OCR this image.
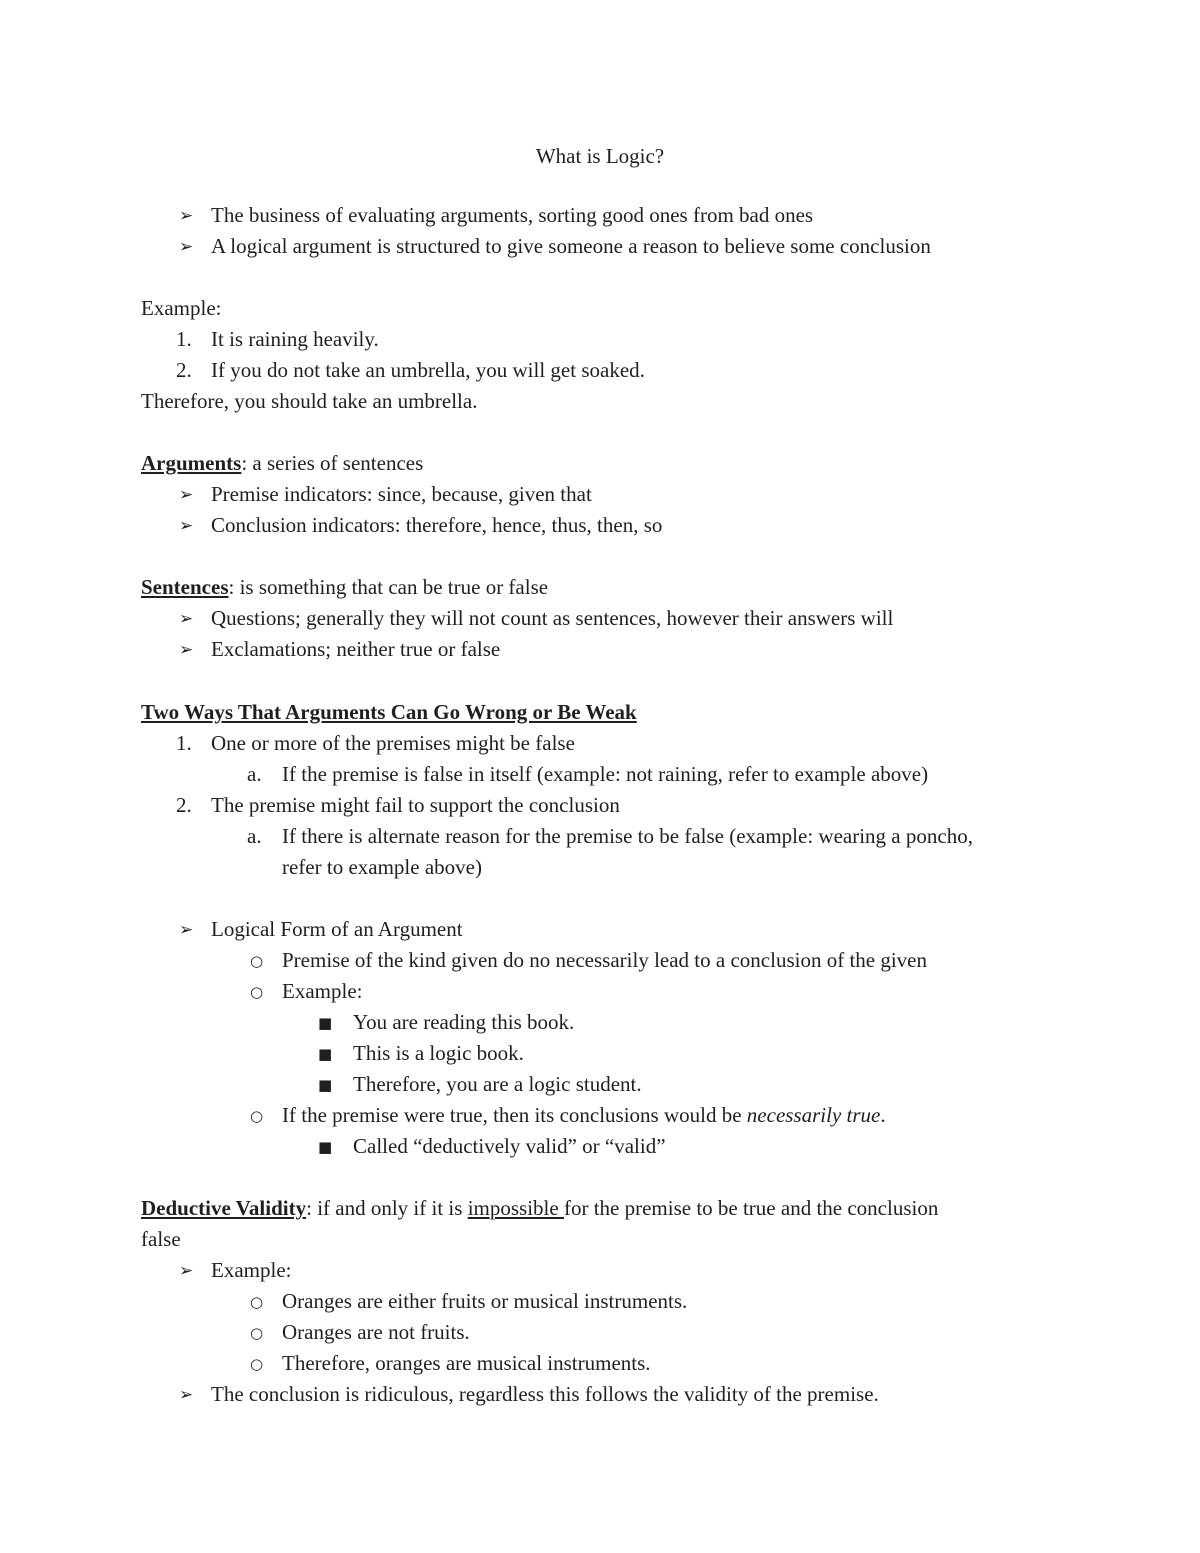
What is Logic?
➢ The business of evaluating arguments, sorting good ones from bad ones
➢ A logical argument is structured to give someone a reason to believe some conclusion
Example:
1. It is raining heavily.
2. If you do not take an umbrella, you will get soaked.
Therefore, you should take an umbrella.
Arguments: a series of sentences
➢ Premise indicators: since, because, given that
➢ Conclusion indicators: therefore, hence, thus, then, so
Sentences: is something that can be true or false
➢ Questions; generally they will not count as sentences, however their answers will
➢ Exclamations; neither true or false
Two Ways That Arguments Can Go Wrong or Be Weak
1. One or more of the premises might be false
a. If the premise is false in itself (example: not raining, refer to example above)
2. The premise might fail to support the conclusion
a. If there is alternate reason for the premise to be false (example: wearing a poncho,
refer to example above)
➢ Logical Form of an Argument
○ Premise of the kind given do no necessarily lead to a conclusion of the given
○ Example:
■ You are reading this book.
■ This is a logic book.
■ Therefore, you are a logic student.
○ If the premise were true, then its conclusions would be necessarily true.
■ Called “deductively valid” or “valid”
Deductive Validity: if and only if it is impossible for the premise to be true and the conclusion
false
➢ Example:
○ Oranges are either fruits or musical instruments.
○ Oranges are not fruits.
○ Therefore, oranges are musical instruments.
➢ The conclusion is ridiculous, regardless this follows the validity of the premise.
